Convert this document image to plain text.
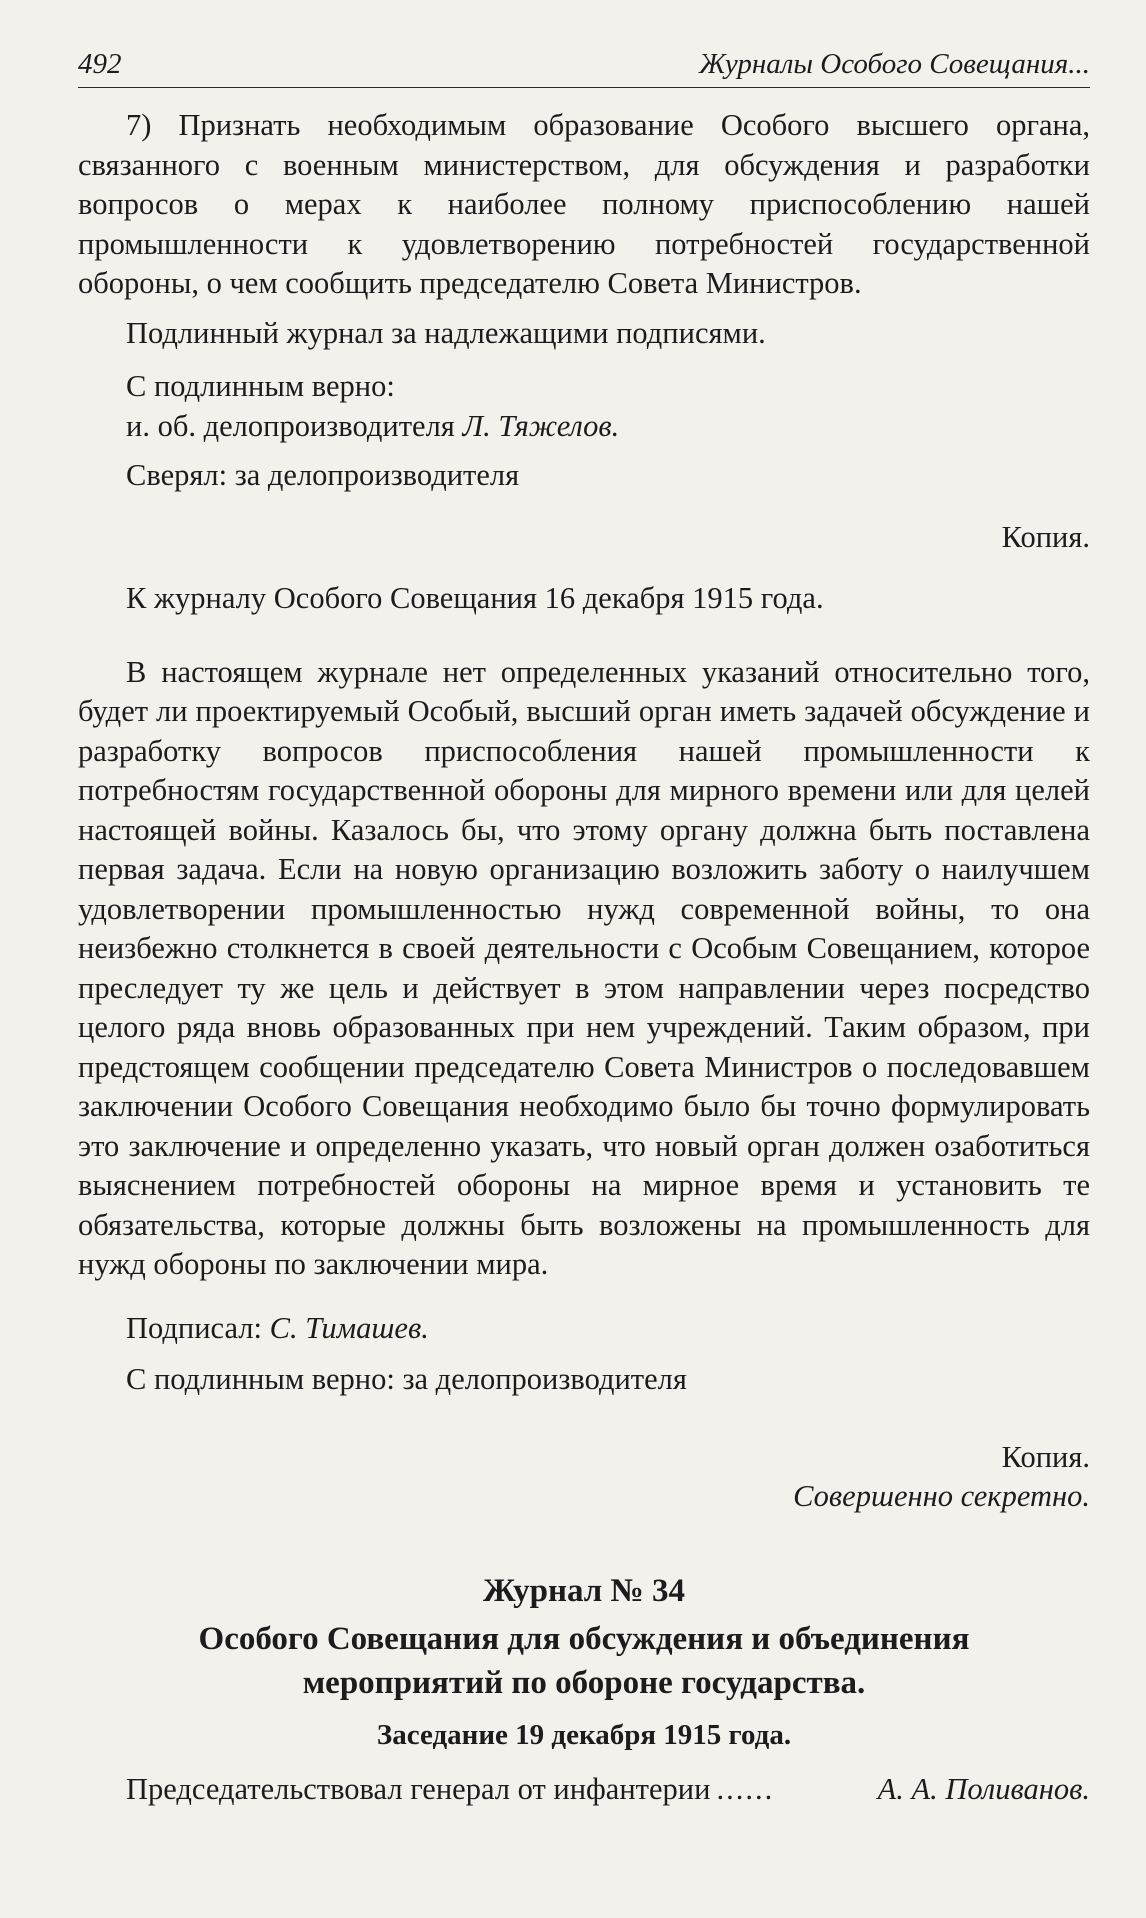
492	Журналы Особого Совещания...

7) Признать необходимым образование Особого высшего органа, связанного с военным министерством, для обсуждения и разработки вопросов о мерах к наиболее полному приспособлению нашей промышленности к удовлетворению потребностей государственной обороны, о чем сообщить председателю Совета Министров.

Подлинный журнал за надлежащими подписями.

С подлинным верно:

и. об. делопроизводителя Л. Тяжелов.

Сверял: за делопроизводителя

Копия.

К журналу Особого Совещания 16 декабря 1915 года.

В настоящем журнале нет определенных указаний относительно того, будет ли проектируемый Особый, высший орган иметь задачей обсуждение и разработку вопросов приспособления нашей промышленности к потребностям государственной обороны для мирного времени или для целей настоящей войны. Казалось бы, что этому органу должна быть поставлена первая задача. Если на новую организацию возложить заботу о наилучшем удовлетворении промышленностью нужд современной войны, то она неизбежно столкнется в своей деятельности с Особым Совещанием, которое преследует ту же цель и действует в этом направлении через посредство целого ряда вновь образованных при нем учреждений. Таким образом, при предстоящем сообщении председателю Совета Министров о последовавшем заключении Особого Совещания необходимо было бы точно формулировать это заключение и определенно указать, что новый орган должен озаботиться выяснением потребностей обороны на мирное время и установить те обязательства, которые должны быть возложены на промышленность для нужд обороны по заключении мира.

Подписал: С. Тимашев.

С подлинным верно: за делопроизводителя

Копия.

Совершенно секретно.

Журнал № 34

Особого Совещания для обсуждения и объединения

мероприятий по обороне государства.

Заседание 19 декабря 1915 года.

Председательствовал генерал от инфантерии ......	А. А. Поливанов.
